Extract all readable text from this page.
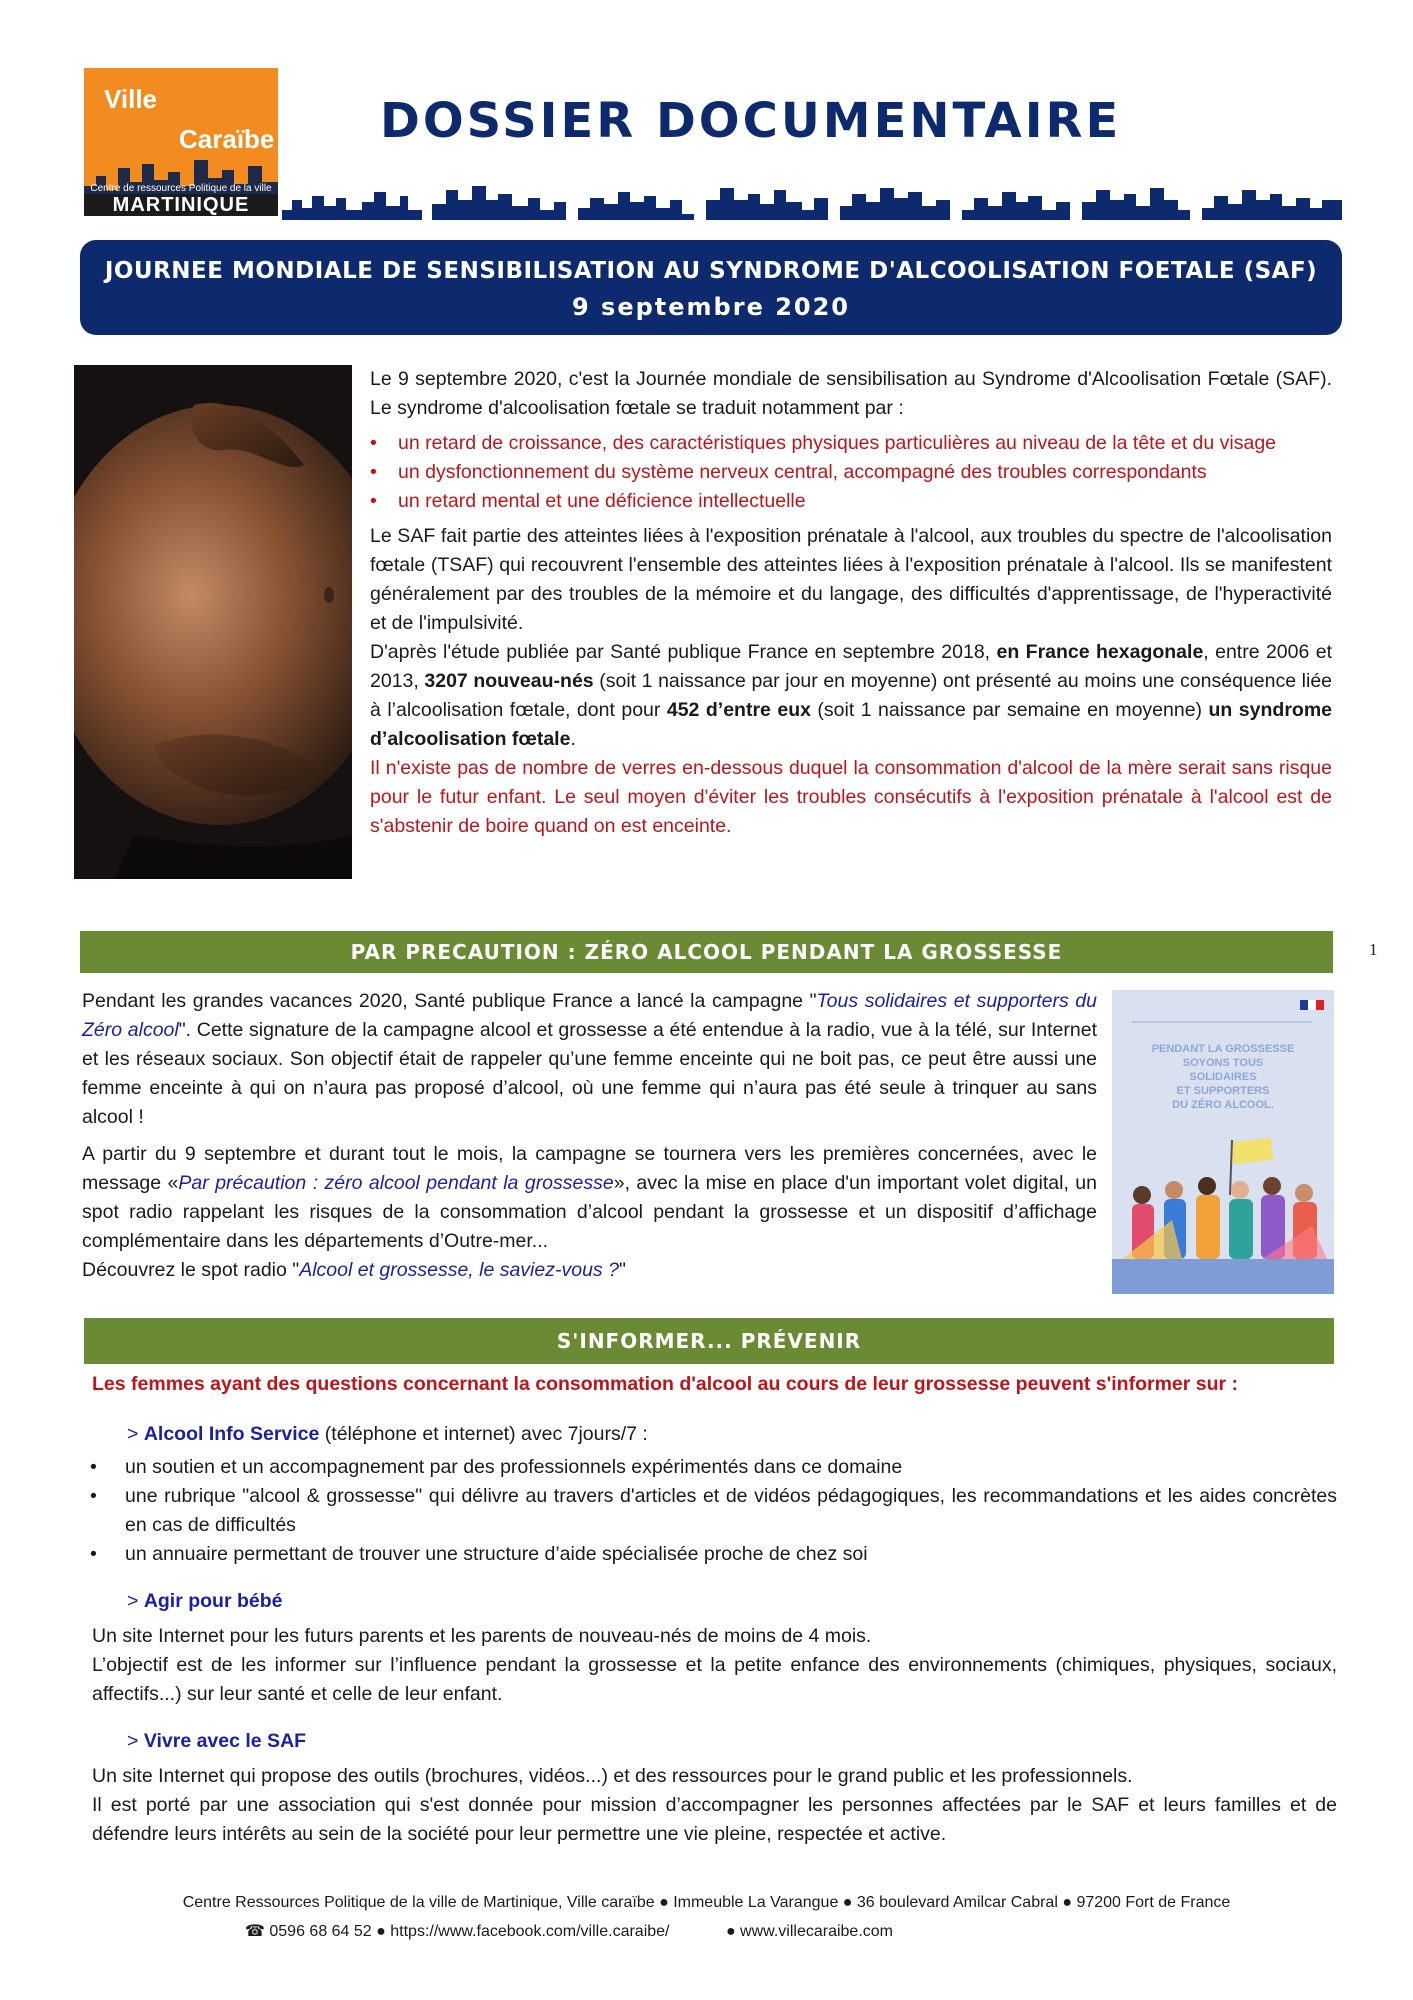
Ville
Caraïbe
Centre de ressources Politique de la ville
MARTINIQUE
DOSSIER DOCUMENTAIRE
JOURNEE MONDIALE DE SENSIBILISATION AU SYNDROME D'ALCOOLISATION FOETALE (SAF)
9 septembre 2020

Le 9 septembre 2020, c'est la Journée mondiale de sensibilisation au Syndrome d'Alcoolisation Fœtale (SAF). Le syndrome d'alcoolisation fœtale se traduit notamment par :

• un retard de croissance, des caractéristiques physiques particulières au niveau de la tête et du visage
• un dysfonctionnement du système nerveux central, accompagné des troubles correspondants
• un retard mental et une déficience intellectuelle

Le SAF fait partie des atteintes liées à l'exposition prénatale à l'alcool, aux troubles du spectre de l'alcoolisation fœtale (TSAF) qui recouvrent l'ensemble des atteintes liées à l'exposition prénatale à l'alcool. Ils se manifestent généralement par des troubles de la mémoire et du langage, des difficultés d'apprentissage, de l'hyperactivité et de l'impulsivité.

D'après l'étude publiée par Santé publique France en septembre 2018, en France hexagonale, entre 2006 et 2013, 3207 nouveau-nés (soit 1 naissance par jour en moyenne) ont présenté au moins une conséquence liée à l’alcoolisation fœtale, dont pour 452 d’entre eux (soit 1 naissance par semaine en moyenne) un syndrome d’alcoolisation fœtale.

Il n'existe pas de nombre de verres en-dessous duquel la consommation d'alcool de la mère serait sans risque pour le futur enfant. Le seul moyen d'éviter les troubles consécutifs à l'exposition prénatale à l'alcool est de s'abstenir de boire quand on est enceinte.

PAR PRECAUTION : ZÉRO ALCOOL PENDANT LA GROSSESSE	1

Pendant les grandes vacances 2020, Santé publique France a lancé la campagne "Tous solidaires et supporters du Zéro alcool". Cette signature de la campagne alcool et grossesse a été entendue à la radio, vue à la télé, sur Internet et les réseaux sociaux. Son objectif était de rappeler qu’une femme enceinte qui ne boit pas, ce peut être aussi une femme enceinte à qui on n’aura pas proposé d’alcool, où une femme qui n’aura pas été seule à trinquer au sans alcool !

A partir du 9 septembre et durant tout le mois, la campagne se tournera vers les premières concernées, avec le message «Par précaution : zéro alcool pendant la grossesse», avec la mise en place d'un important volet digital, un spot radio rappelant les risques de la consommation d’alcool pendant la grossesse et un dispositif d’affichage complémentaire dans les départements d’Outre-mer...

Découvrez le spot radio "Alcool et grossesse, le saviez-vous ?"

PENDANT LA GROSSESSE
SOYONS TOUS
SOLIDAIRES
ET SUPPORTERS
DU ZÉRO ALCOOL.
S'INFORMER... PRÉVENIR
Les femmes ayant des questions concernant la consommation d'alcool au cours de leur grossesse peuvent s'informer sur :

> Alcool Info Service (téléphone et internet) avec 7jours/7 :

• un soutien et un accompagnement par des professionnels expérimentés dans ce domaine
• une rubrique "alcool & grossesse" qui délivre au travers d'articles et de vidéos pédagogiques, les recommandations et les aides concrètes en cas de difficultés
• un annuaire permettant de trouver une structure d’aide spécialisée proche de chez soi

> Agir pour bébé

Un site Internet pour les futurs parents et les parents de nouveau-nés de moins de 4 mois.

L’objectif est de les informer sur l’influence pendant la grossesse et la petite enfance des environnements (chimiques, physiques, sociaux, affectifs...) sur leur santé et celle de leur enfant.

> Vivre avec le SAF

Un site Internet qui propose des outils (brochures, vidéos...) et des ressources pour le grand public et les professionnels.

Il est porté par une association qui s'est donnée pour mission d’accompagner les personnes affectées par le SAF et leurs familles et de défendre leurs intérêts au sein de la société pour leur permettre une vie pleine, respectée et active.

Centre Ressources Politique de la ville de Martinique, Ville caraïbe ● Immeuble La Varangue ● 36 boulevard Amilcar Cabral ● 97200 Fort de France
☎ 0596 68 64 52 ● https://www.facebook.com/ville.caraibe/	● www.villecaraibe.com
